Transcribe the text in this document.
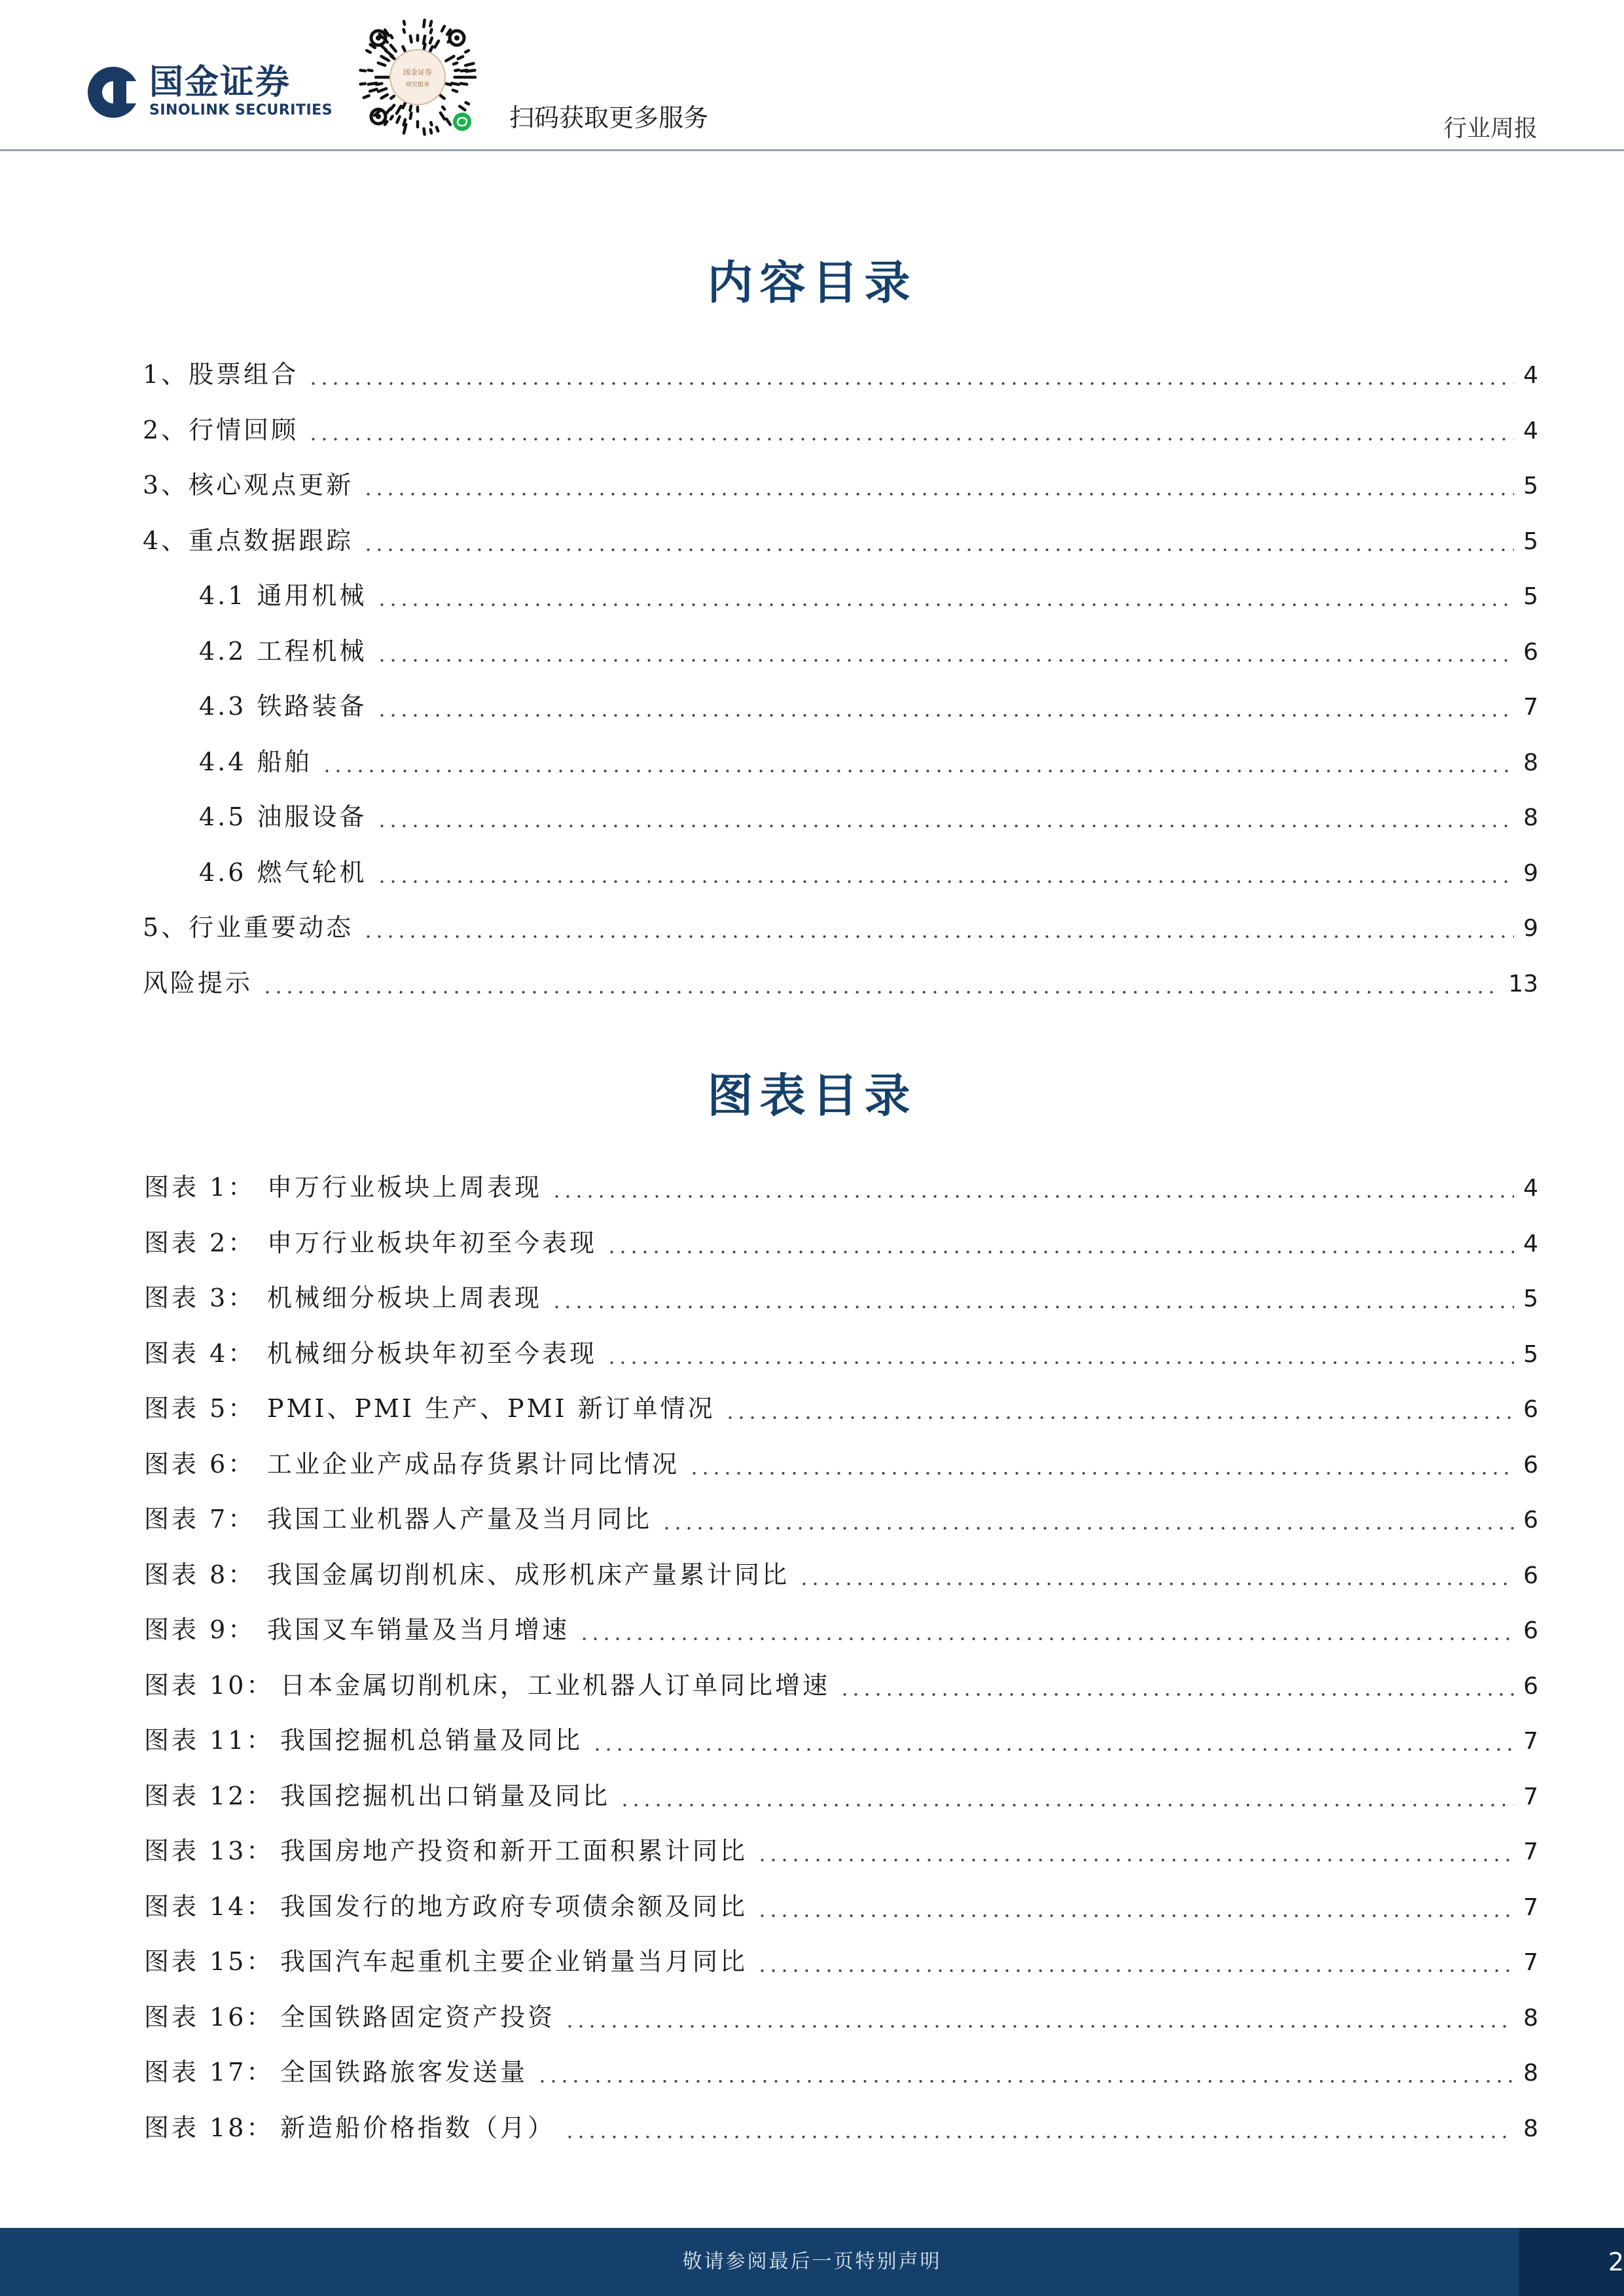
国金证券
SINOLINK SECURITIES
国金证券
研究服务
扫码获取更多服务	行业周报
内容目录
1、股票组合	4
2、行情回顾	4
3、核心观点更新	5
4、重点数据跟踪	5
4.1 通用机械	5
4.2 工程机械	6
4.3 铁路装备	7
4.4 船舶	8
4.5 油服设备	8
4.6 燃气轮机	9
5、行业重要动态	9
风险提示	13
图表目录
图表 1： 申万行业板块上周表现	4
图表 2： 申万行业板块年初至今表现	4
图表 3： 机械细分板块上周表现	5
图表 4： 机械细分板块年初至今表现	5
图表 5： PMI、PMI 生产、PMI 新订单情况	6
图表 6： 工业企业产成品存货累计同比情况	6
图表 7： 我国工业机器人产量及当月同比	6
图表 8： 我国金属切削机床、成形机床产量累计同比	6
图表 9： 我国叉车销量及当月增速	6
图表 10： 日本金属切削机床，工业机器人订单同比增速	6
图表 11： 我国挖掘机总销量及同比	7
图表 12： 我国挖掘机出口销量及同比	7
图表 13： 我国房地产投资和新开工面积累计同比	7
图表 14： 我国发行的地方政府专项债余额及同比	7
图表 15： 我国汽车起重机主要企业销量当月同比	7
图表 16： 全国铁路固定资产投资	8
图表 17： 全国铁路旅客发送量	8
图表 18： 新造船价格指数（月）	8
敬请参阅最后一页特别声明	2
